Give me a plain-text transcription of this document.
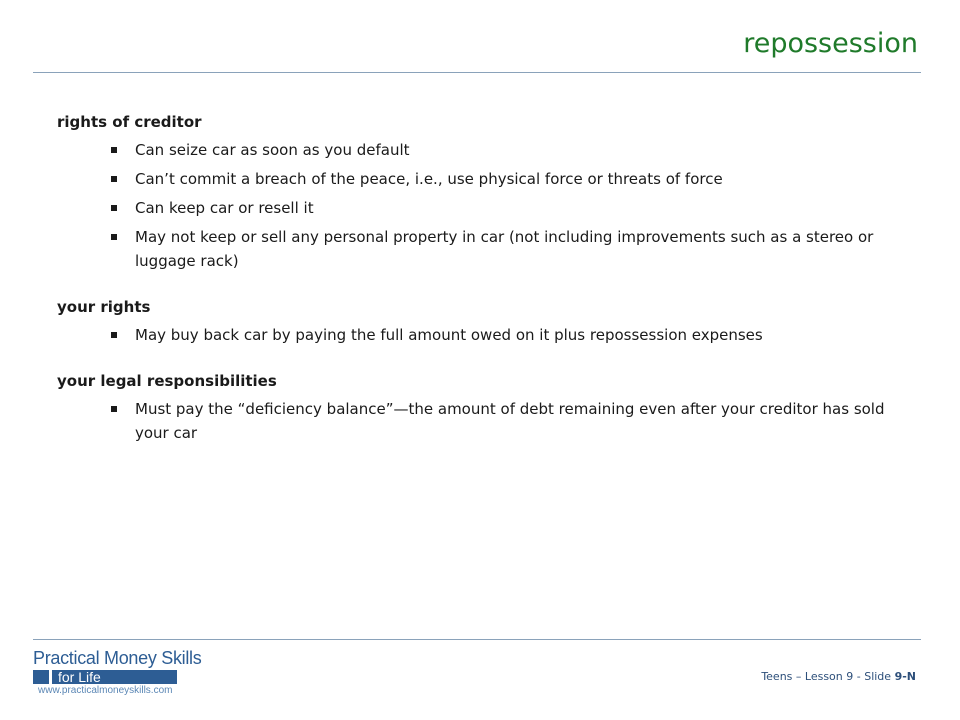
repossession
rights of creditor
Can seize car as soon as you default
Can’t commit a breach of the peace, i.e., use physical force or threats of force
Can keep car or resell it
May not keep or sell any personal property in car (not including improvements such as a stereo or luggage rack)
your rights
May buy back car by paying the full amount owed on it plus repossession expenses
your legal responsibilities
Must pay the “deficiency balance”—the amount of debt remaining even after your creditor has sold your car
Practical Money Skills
for Life
www.practicalmoneyskills.com
Teens – Lesson 9 - Slide 9-N
